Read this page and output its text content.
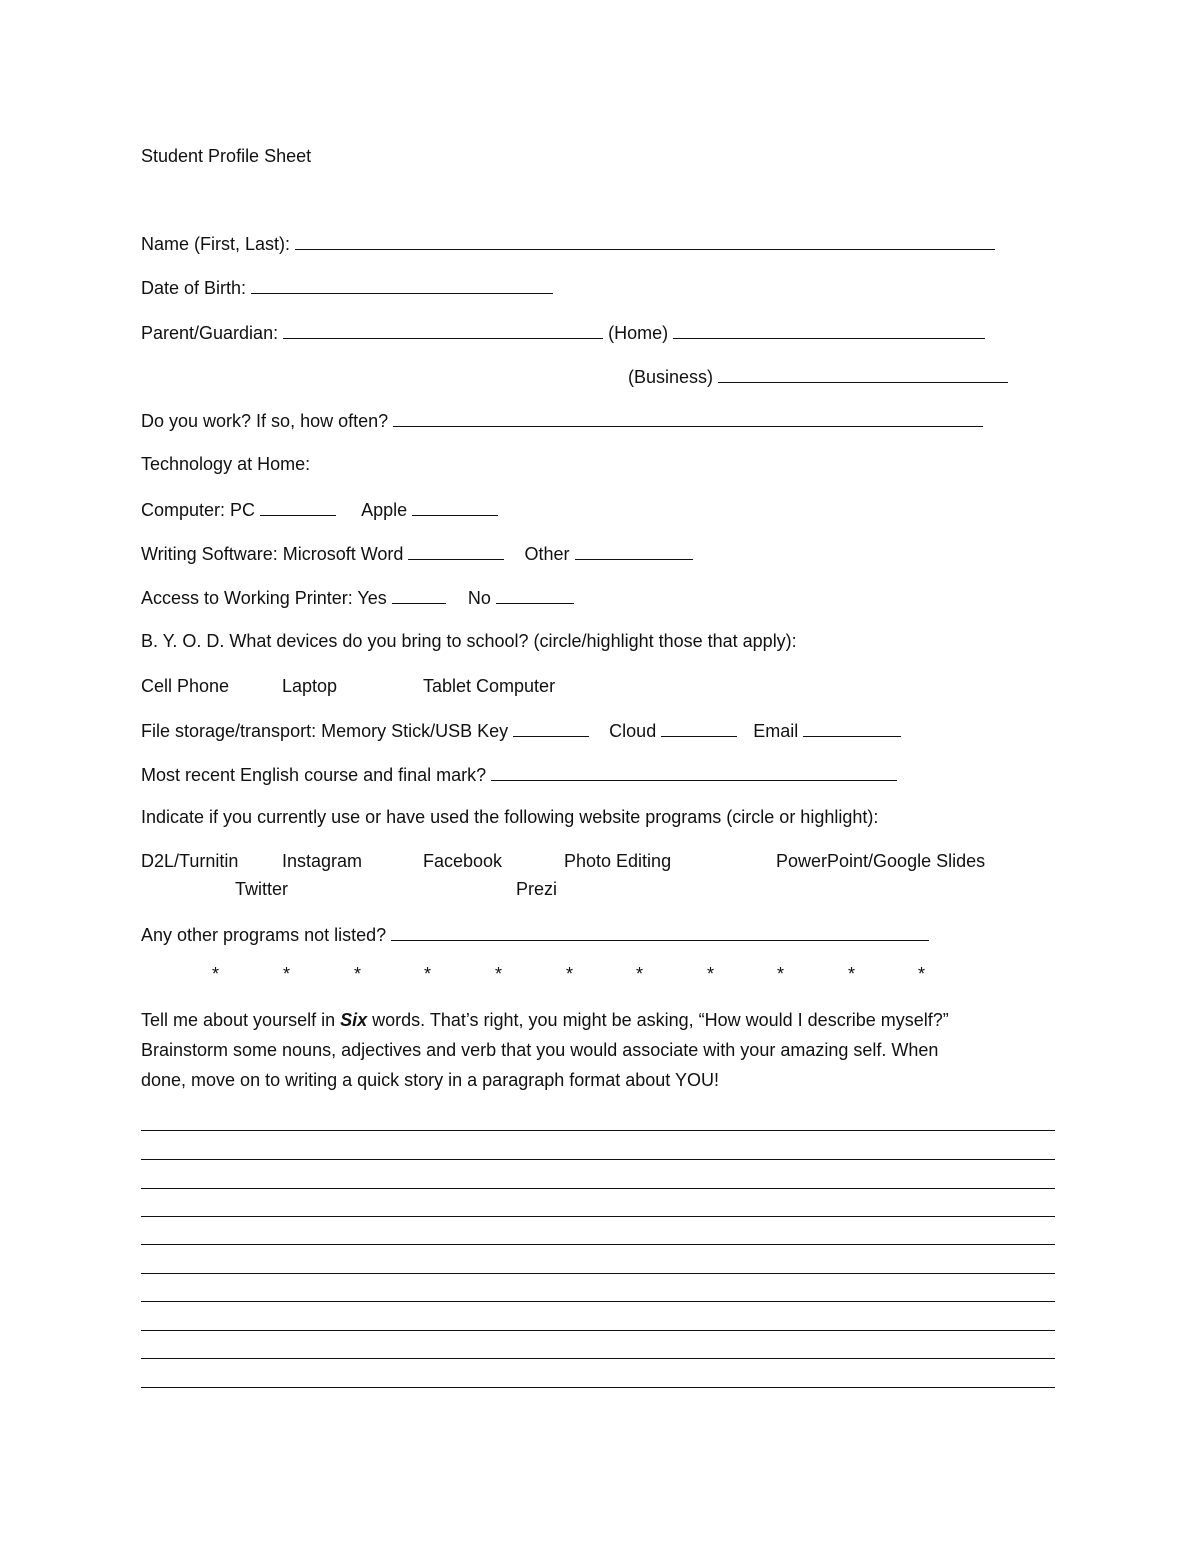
Student Profile Sheet
Name (First, Last):
Date of Birth:
Parent/Guardian:	(Home)
(Business)
Do you work? If so, how often?
Technology at Home:
Computer: PC	Apple
Writing Software: Microsoft Word	Other
Access to Working Printer: Yes	No
B. Y. O. D. What devices do you bring to school? (circle/highlight those that apply):
Cell Phone	Laptop	Tablet Computer
File storage/transport: Memory Stick/USB Key	Cloud	Email
Most recent English course and final mark?
Indicate if you currently use or have used the following website programs (circle or highlight):
D2L/Turnitin Instagram	Facebook	Photo Editing	PowerPoint/Google Slides
Twitter	Prezi
Any other programs not listed?
*	*	*	*	*	*	*	*	*	*	*

Tell me about yourself in Six words. That’s right, you might be asking, “How would I describe myself?”

Brainstorm some nouns, adjectives and verb that you would associate with your amazing self. When

done, move on to writing a quick story in a paragraph format about YOU!
